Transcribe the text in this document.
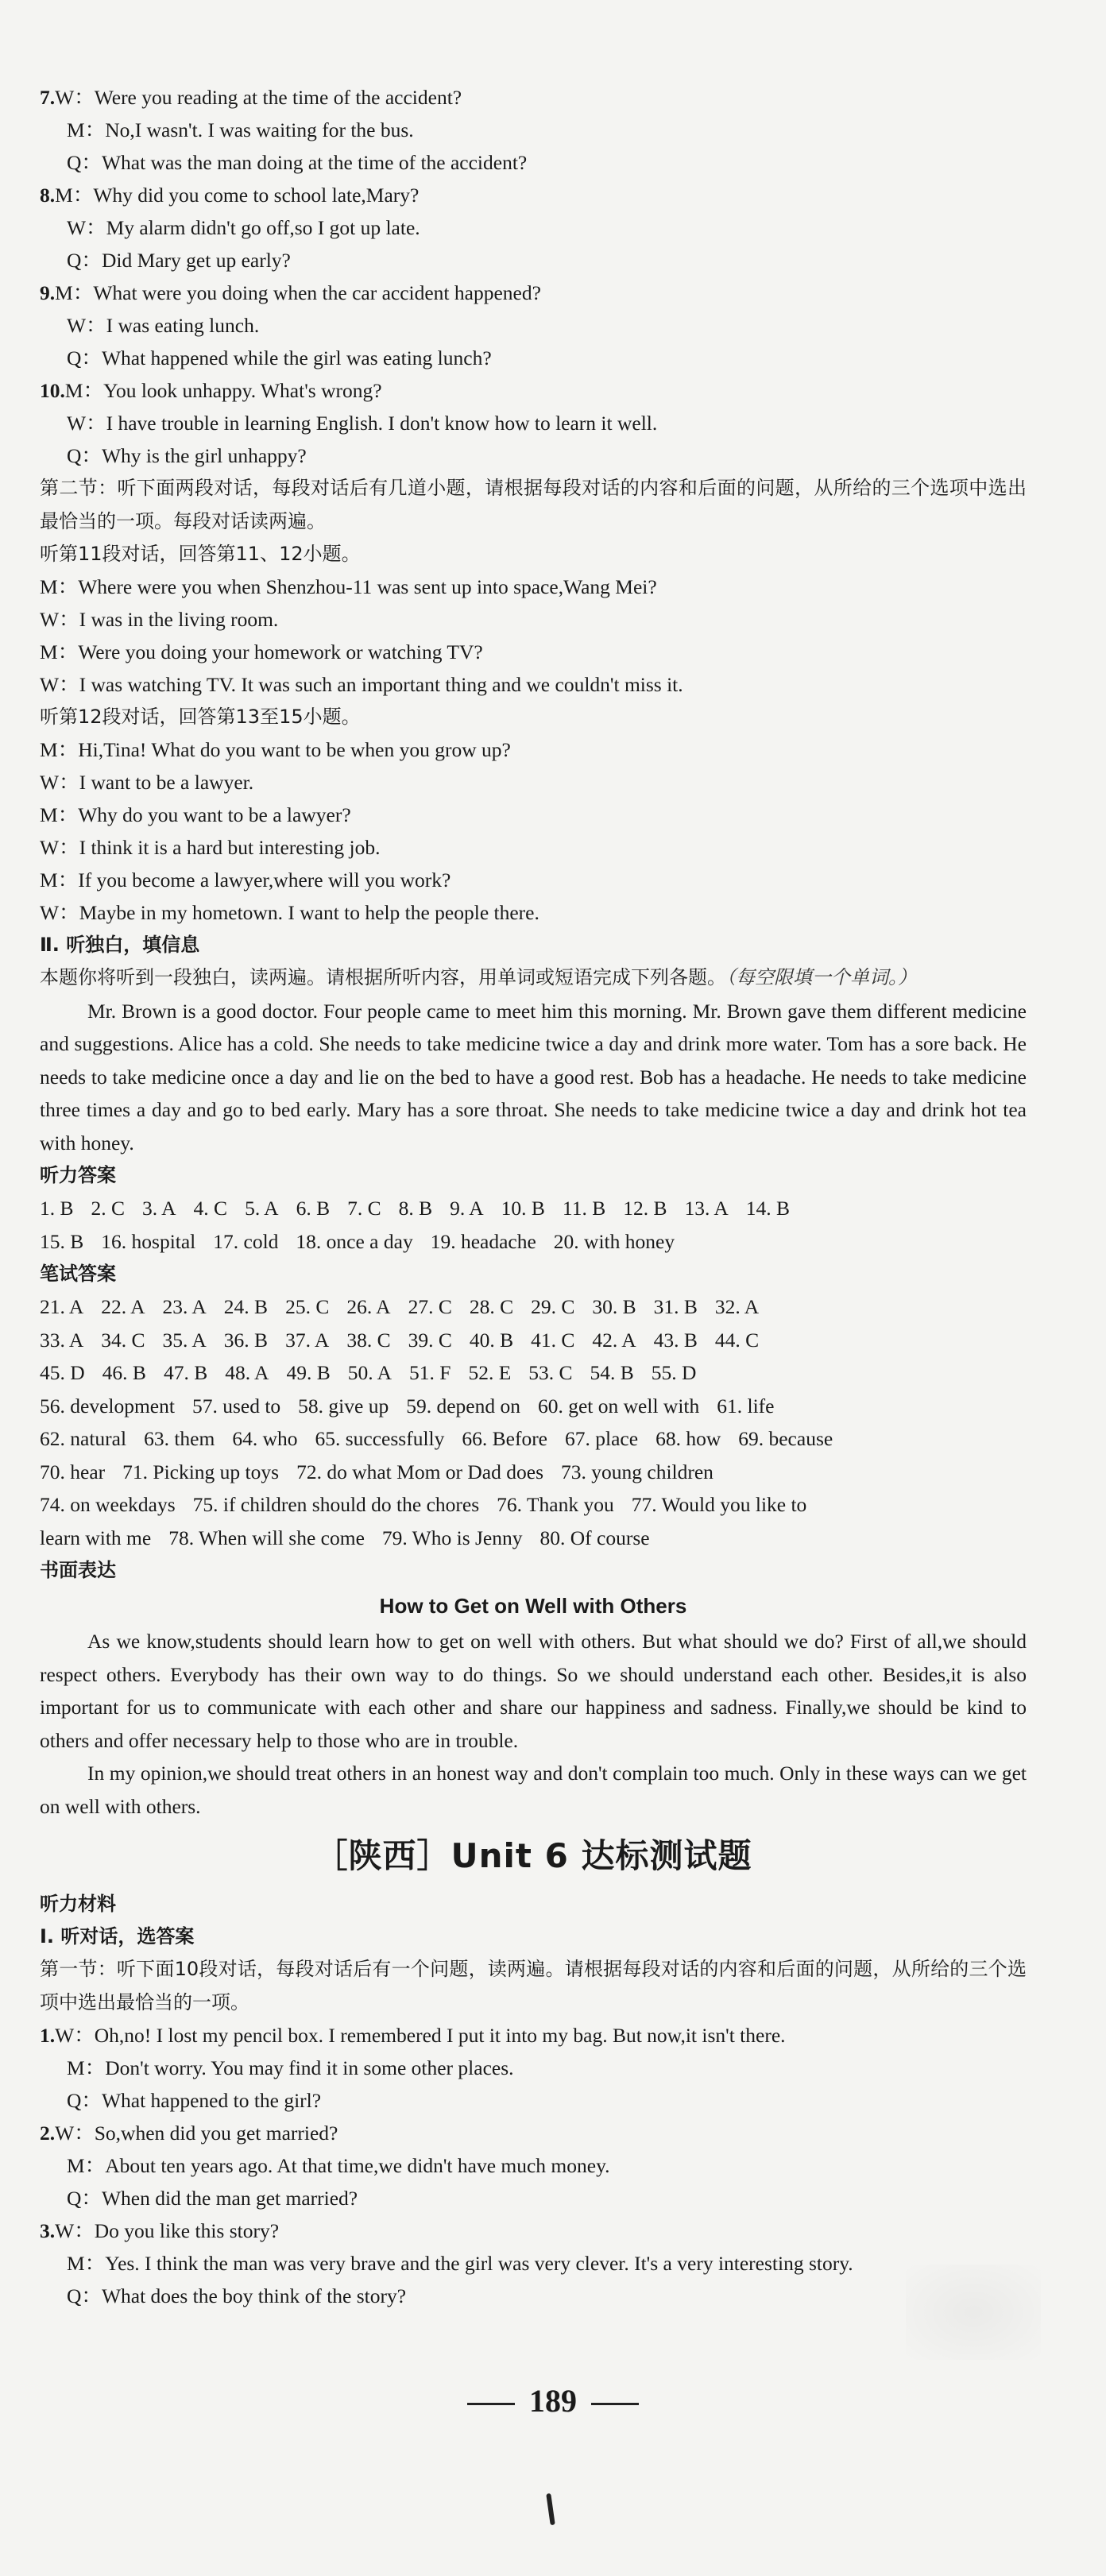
7.W：Were you reading at the time of the accident?
M：No,I wasn't. I was waiting for the bus.
Q：What was the man doing at the time of the accident?
8.M：Why did you come to school late,Mary?
W：My alarm didn't go off,so I got up late.
Q：Did Mary get up early?
9.M：What were you doing when the car accident happened?
W：I was eating lunch.
Q：What happened while the girl was eating lunch?
10.M：You look unhappy. What's wrong?
W：I have trouble in learning English. I don't know how to learn it well.
Q：Why is the girl unhappy?
第二节：听下面两段对话，每段对话后有几道小题，请根据每段对话的内容和后面的问题，从所给的三个选项中选出最恰当的一项。每段对话读两遍。
听第11段对话，回答第11、12小题。
M：Where were you when Shenzhou-11 was sent up into space,Wang Mei?
W：I was in the living room.
M：Were you doing your homework or watching TV?
W：I was watching TV. It was such an important thing and we couldn't miss it.
听第12段对话，回答第13至15小题。
M：Hi,Tina! What do you want to be when you grow up?
W：I want to be a lawyer.
M：Why do you want to be a lawyer?
W：I think it is a hard but interesting job.
M：If you become a lawyer,where will you work?
W：Maybe in my hometown. I want to help the people there.
Ⅱ. 听独白，填信息
本题你将听到一段独白，读两遍。请根据所听内容，用单词或短语完成下列各题。（每空限填一个单词。）
Mr. Brown is a good doctor. Four people came to meet him this morning. Mr. Brown gave them different medicine and suggestions. Alice has a cold. She needs to take medicine twice a day and drink more water. Tom has a sore back. He needs to take medicine once a day and lie on the bed to have a good rest. Bob has a headache. He needs to take medicine three times a day and go to bed early. Mary has a sore throat. She needs to take medicine twice a day and drink hot tea with honey.
听力答案
1. B 2. C 3. A 4. C 5. A 6. B 7. C 8. B 9. A 10. B 11. B 12. B 13. A 14. B
15. B 16. hospital 17. cold 18. once a day 19. headache 20. with honey
笔试答案
21. A 22. A 23. A 24. B 25. C 26. A 27. C 28. C 29. C 30. B 31. B 32. A
33. A 34. C 35. A 36. B 37. A 38. C 39. C 40. B 41. C 42. A 43. B 44. C
45. D 46. B 47. B 48. A 49. B 50. A 51. F 52. E 53. C 54. B 55. D
56. development 57. used to 58. give up 59. depend on 60. get on well with 61. life
62. natural 63. them 64. who 65. successfully 66. Before 67. place 68. how 69. because
70. hear 71. Picking up toys 72. do what Mom or Dad does 73. young children
74. on weekdays 75. if children should do the chores 76. Thank you 77. Would you like to
learn with me 78. When will she come 79. Who is Jenny 80. Of course
书面表达
How to Get on Well with Others
As we know,students should learn how to get on well with others. But what should we do? First of all,we should respect others. Everybody has their own way to do things. So we should understand each other. Besides,it is also important for us to communicate with each other and share our happiness and sadness. Finally,we should be kind to others and offer necessary help to those who are in trouble.
In my opinion,we should treat others in an honest way and don't complain too much. Only in these ways can we get on well with others.
［陕西］Unit 6 达标测试题
听力材料
Ⅰ. 听对话，选答案
第一节：听下面10段对话，每段对话后有一个问题，读两遍。请根据每段对话的内容和后面的问题，从所给的三个选项中选出最恰当的一项。
1.W：Oh,no! I lost my pencil box. I remembered I put it into my bag. But now,it isn't there.
M：Don't worry. You may find it in some other places.
Q：What happened to the girl?
2.W：So,when did you get married?
M：About ten years ago. At that time,we didn't have much money.
Q：When did the man get married?
3.W：Do you like this story?
M：Yes. I think the man was very brave and the girl was very clever. It's a very interesting story.
Q：What does the boy think of the story?
189
